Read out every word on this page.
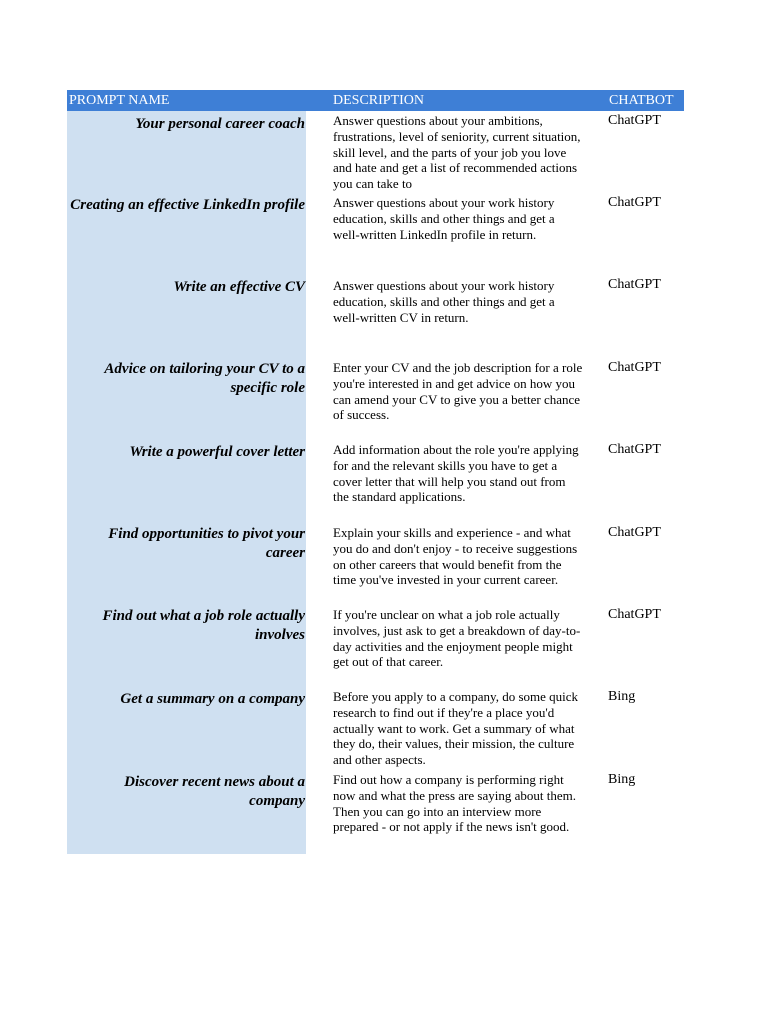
PROMPT NAME	DESCRIPTION	CHATBOT
Your personal career coach Answer questions about your ambitions, frustrations, level of seniority, current situation, skill level, and the parts of your job you love and hate and get a list of recommended actions you can take to
ChatGPT
Creating an effective LinkedIn profile Answer questions about your work history education, skills and other things and get a well-written LinkedIn profile in return.
ChatGPT
Write an effective CV Answer questions about your work history education, skills and other things and get a well-written CV in return.
ChatGPT
Advice on tailoring your CV to a specific role
Enter your CV and the job description for a role you're interested in and get advice on how you can amend your CV to give you a better chance of success.
ChatGPT
Write a powerful cover letter Add information about the role you're applying for and the relevant skills you have to get a cover letter that will help you stand out from the standard applications.
ChatGPT
Find opportunities to pivot your career
Explain your skills and experience - and what you do and don't enjoy - to receive suggestions on other careers that would benefit from the time you've invested in your current career.
ChatGPT
Find out what a job role actually involves
If you're unclear on what a job role actually involves, just ask to get a breakdown of day-to-day activities and the enjoyment people might get out of that career.
ChatGPT
Get a summary on a company Before you apply to a company, do some quick research to find out if they're a place you'd actually want to work. Get a summary of what they do, their values, their mission, the culture and other aspects.
Bing
Discover recent news about a company
Find out how a company is performing right now and what the press are saying about them. Then you can go into an interview more prepared - or not apply if the news isn't good.
Bing
